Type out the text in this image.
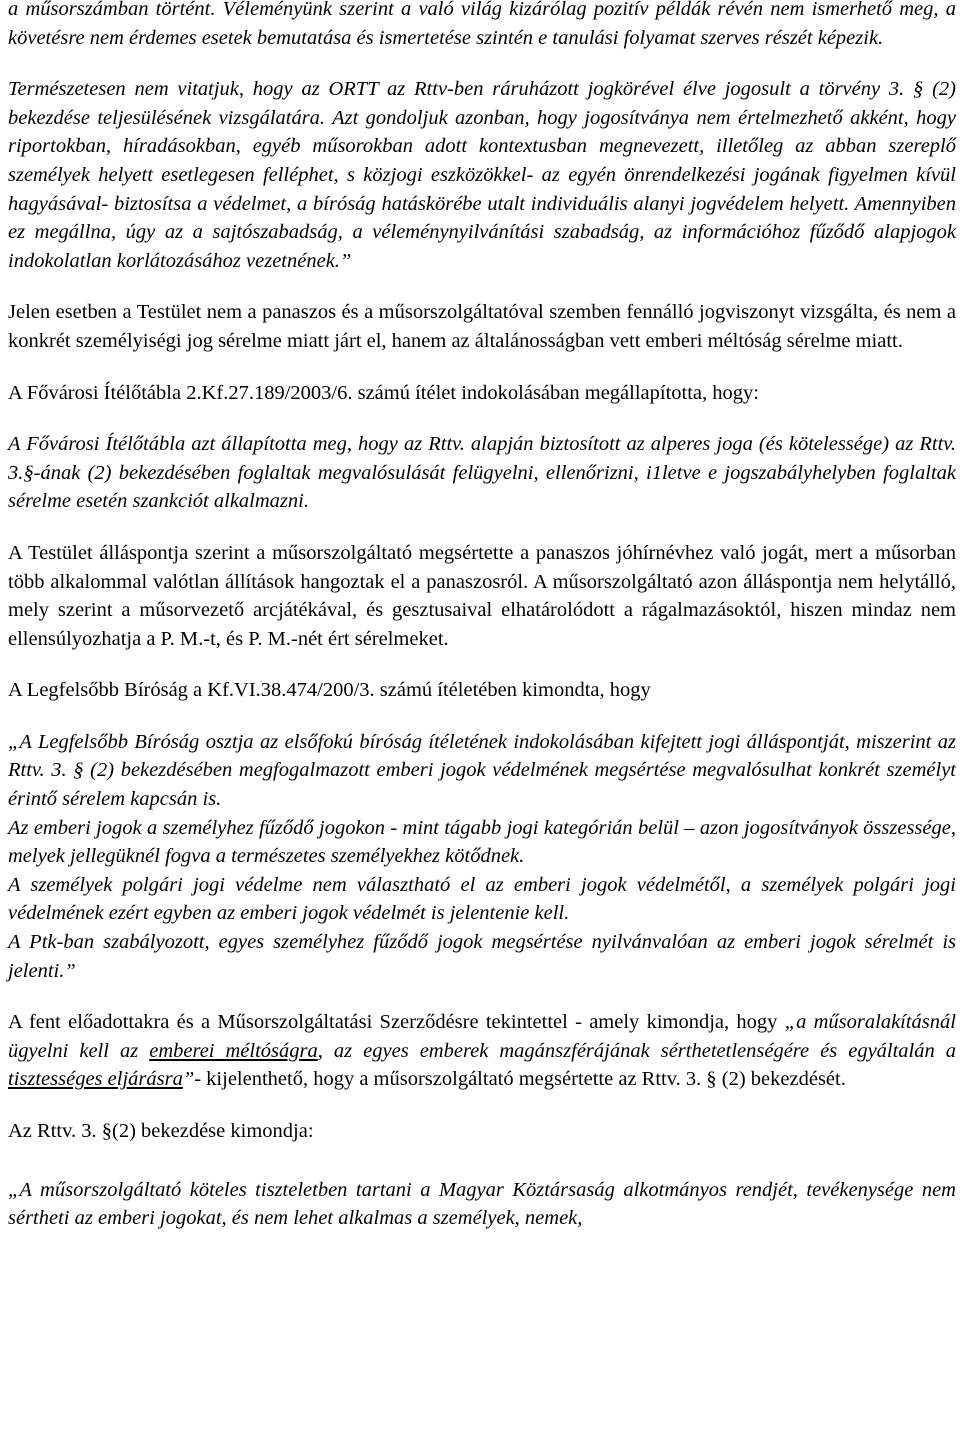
a műsorszámban történt. Véleményünk szerint a való világ kizárólag pozitív példák révén nem ismerhető meg, a követésre nem érdemes esetek bemutatása és ismertetése szintén e tanulási folyamat szerves részét képezik.

Természetesen nem vitatjuk, hogy az ORTT az Rttv-ben ráruházott jogkörével élve jogosult a törvény 3. § (2) bekezdése teljesülésének vizsgálatára. Azt gondoljuk azonban, hogy jogosítványa nem értelmezhető akként, hogy riportokban, híradásokban, egyéb műsorokban adott kontextusban megnevezett, illetőleg az abban szereplő személyek helyett esetlegesen felléphet, s közjogi eszközökkel- az egyén önrendelkezési jogának figyelmen kívül hagyásával- biztosítsa a védelmet, a bíróság hatáskörébe utalt individuális alanyi jogvédelem helyett. Amennyiben ez megállna, úgy az a sajtószabadság, a véleménynyilvánítási szabadság, az információhoz fűződő alapjogok indokolatlan korlátozásához vezetnének.”

Jelen esetben a Testület nem a panaszos és a műsorszolgáltatóval szemben fennálló jogviszonyt vizsgálta, és nem a konkrét személyiségi jog sérelme miatt járt el, hanem az általánosságban vett emberi méltóság sérelme miatt.

A Fővárosi Ítélőtábla 2.Kf.27.189/2003/6. számú ítélet indokolásában megállapította, hogy:

A Fővárosi Ítélőtábla azt állapította meg, hogy az Rttv. alapján biztosított az alperes joga (és kötelessége) az Rttv. 3.§-ának (2) bekezdésében foglaltak megvalósulását felügyelni, ellenőrizni, i1letve e jogszabályhelyben foglaltak sérelme esetén szankciót alkalmazni.

A Testület álláspontja szerint a műsorszolgáltató megsértette a panaszos jóhírnévhez való jogát, mert a műsorban több alkalommal valótlan állítások hangoztak el a panaszosról. A műsorszolgáltató azon álláspontja nem helytálló, mely szerint a műsorvezető arcjátékával, és gesztusaival elhatárolódott a rágalmazásoktól, hiszen mindaz nem ellensúlyozhatja a P. M.-t, és P. M.-nét ért sérelmeket.

A Legfelsőbb Bíróság a Kf.VI.38.474/200/3. számú ítéletében kimondta, hogy

„A Legfelsőbb Bíróság osztja az elsőfokú bíróság ítéletének indokolásában kifejtett jogi álláspontját, miszerint az Rttv. 3. § (2) bekezdésében megfogalmazott emberi jogok védelmének megsértése megvalósulhat konkrét személyt érintő sérelem kapcsán is.

Az emberi jogok a személyhez fűződő jogokon - mint tágabb jogi kategórián belül – azon jogosítványok összessége, melyek jellegüknél fogva a természetes személyekhez kötődnek.

A személyek polgári jogi védelme nem választható el az emberi jogok védelmétől, a személyek polgári jogi védelmének ezért egyben az emberi jogok védelmét is jelentenie kell.

A Ptk-ban szabályozott, egyes személyhez fűződő jogok megsértése nyilvánvalóan az emberi jogok sérelmét is jelenti.”

A fent előadottakra és a Műsorszolgáltatási Szerződésre tekintettel - amely kimondja, hogy „a műsoralakításnál ügyelni kell az emberei méltóságra, az egyes emberek magánszférájának sérthetetlenségére és egyáltalán a tisztességes eljárásra”- kijelenthető, hogy a műsorszolgáltató megsértette az Rttv. 3. § (2) bekezdését.

Az Rttv. 3. §(2) bekezdése kimondja:

„A műsorszolgáltató köteles tiszteletben tartani a Magyar Köztársaság alkotmányos rendjét, tevékenysége nem sértheti az emberi jogokat, és nem lehet alkalmas a személyek, nemek,
